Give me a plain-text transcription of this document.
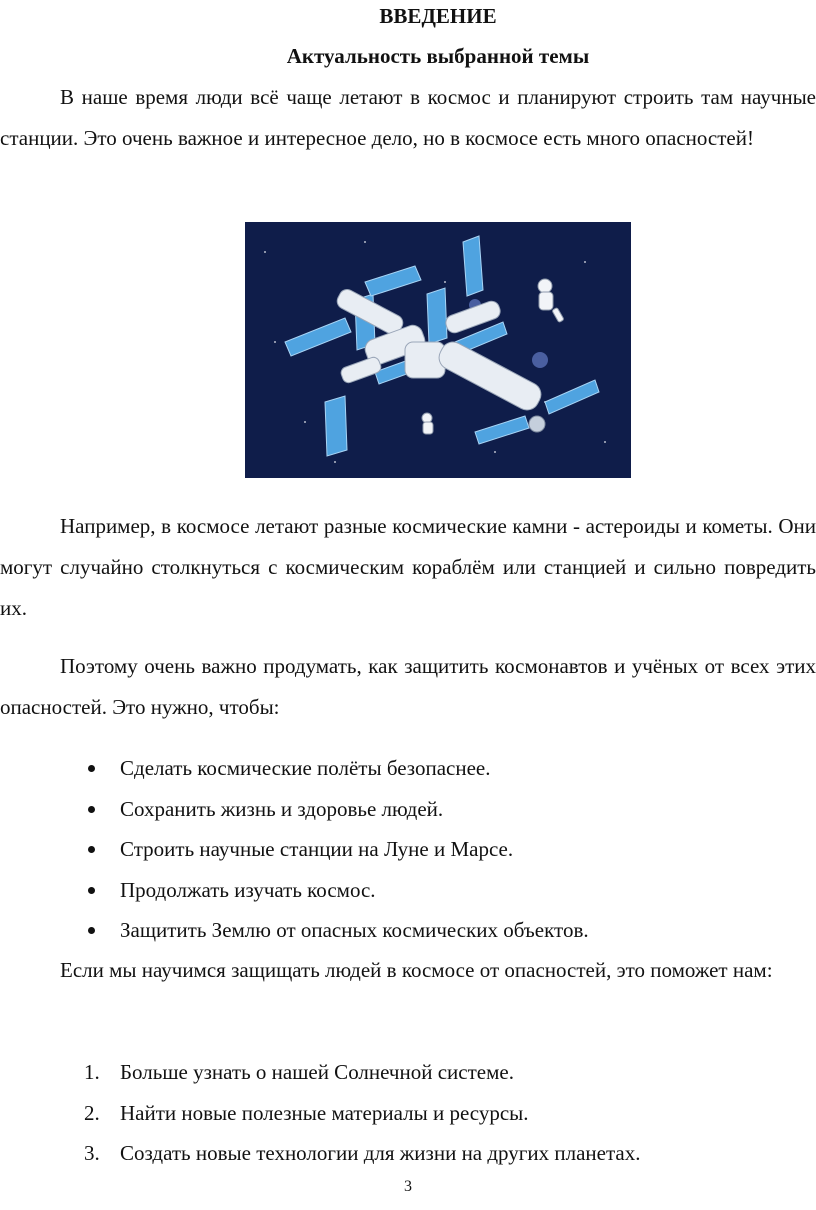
ВВЕДЕНИЕ
Актуальность выбранной темы

В наше время люди всё чаще летают в космос и планируют строить там научные станции. Это очень важное и интересное дело, но в космосе есть много опасностей!

Например, в космосе летают разные космические камни - астероиды и кометы. Они могут случайно столкнуться с космическим кораблём или станцией и сильно повредить их.

Поэтому очень важно продумать, как защитить космонавтов и учёных от всех этих опасностей. Это нужно, чтобы:

Сделать космические полёты безопаснее.
Сохранить жизнь и здоровье людей.
Строить научные станции на Луне и Марсе.
Продолжать изучать космос.
Защитить Землю от опасных космических объектов.

Если мы научимся защищать людей в космосе от опасностей, это поможет нам:

1. Больше узнать о нашей Солнечной системе.
2. Найти новые полезные материалы и ресурсы.
3. Создать новые технологии для жизни на других планетах.
3
